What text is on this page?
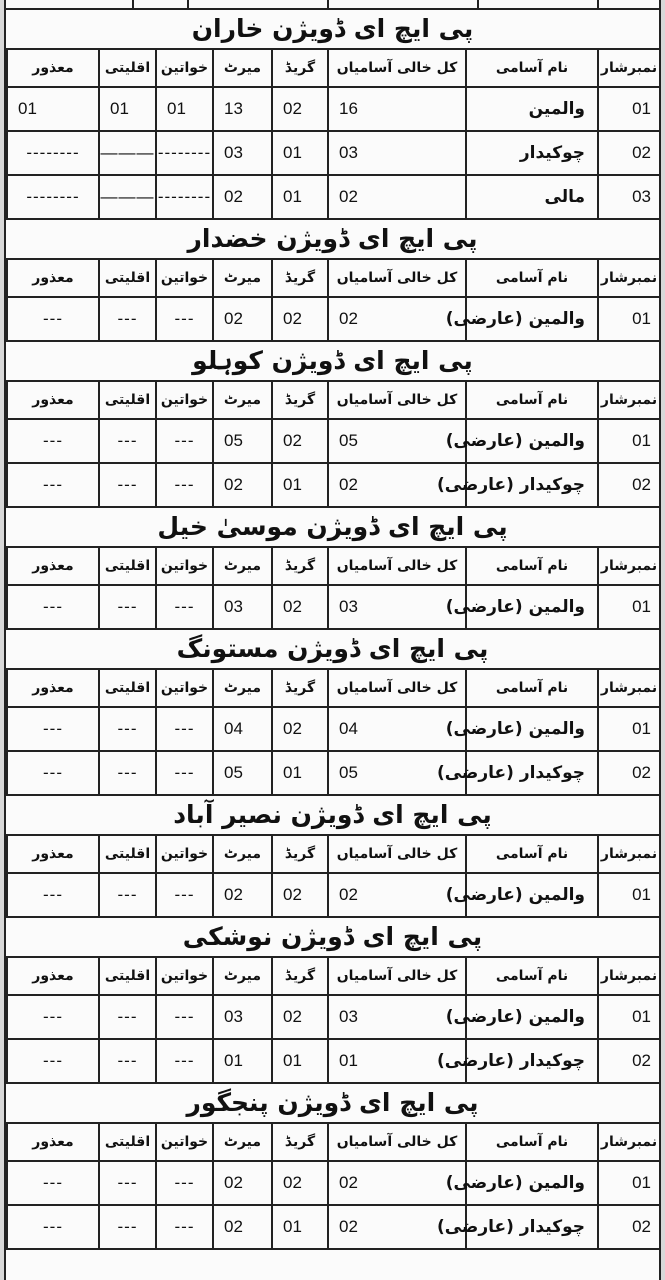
پی ایچ ای ڈویژن خاران
نمبرشار	نام آسامی	کل خالی آسامیاں	گریڈ	میرٹ	خواتین	اقلیتی	معذور
01	والمین	16	02	13	01	01	01
02	چوکیدار	03	01	03	--------	———	--------
03	مالی	02	01	02	--------	———	--------
پی ایچ ای ڈویژن خضدار
نمبرشار	نام آسامی	کل خالی آسامیاں	گریڈ	میرٹ	خواتین	اقلیتی	معذور
01	والمین (عارضی)	02	02	02	---	---	---
پی ایچ ای ڈویژن کوہلو
نمبرشار	نام آسامی	کل خالی آسامیاں	گریڈ	میرٹ	خواتین	اقلیتی	معذور
01	والمین (عارضی)	05	02	05	---	---	---
02	چوکیدار (عارضی)	02	01	02	---	---	---
پی ایچ ای ڈویژن موسیٰ خیل
نمبرشار	نام آسامی	کل خالی آسامیاں	گریڈ	میرٹ	خواتین	اقلیتی	معذور
01	والمین (عارضی)	03	02	03	---	---	---
پی ایچ ای ڈویژن مستونگ
نمبرشار	نام آسامی	کل خالی آسامیاں	گریڈ	میرٹ	خواتین	اقلیتی	معذور
01	والمین (عارضی)	04	02	04	---	---	---
02	چوکیدار (عارضی)	05	01	05	---	---	---
پی ایچ ای ڈویژن نصیر آباد
نمبرشار	نام آسامی	کل خالی آسامیاں	گریڈ	میرٹ	خواتین	اقلیتی	معذور
01	والمین (عارضی)	02	02	02	---	---	---
پی ایچ ای ڈویژن نوشکی
نمبرشار	نام آسامی	کل خالی آسامیاں	گریڈ	میرٹ	خواتین	اقلیتی	معذور
01	والمین (عارضی)	03	02	03	---	---	---
02	چوکیدار (عارضی)	01	01	01	---	---	---
پی ایچ ای ڈویژن پنجگور
نمبرشار	نام آسامی	کل خالی آسامیاں	گریڈ	میرٹ	خواتین	اقلیتی	معذور
01	والمین (عارضی)	02	02	02	---	---	---
02	چوکیدار (عارضی)	02	01	02	---	---	---
